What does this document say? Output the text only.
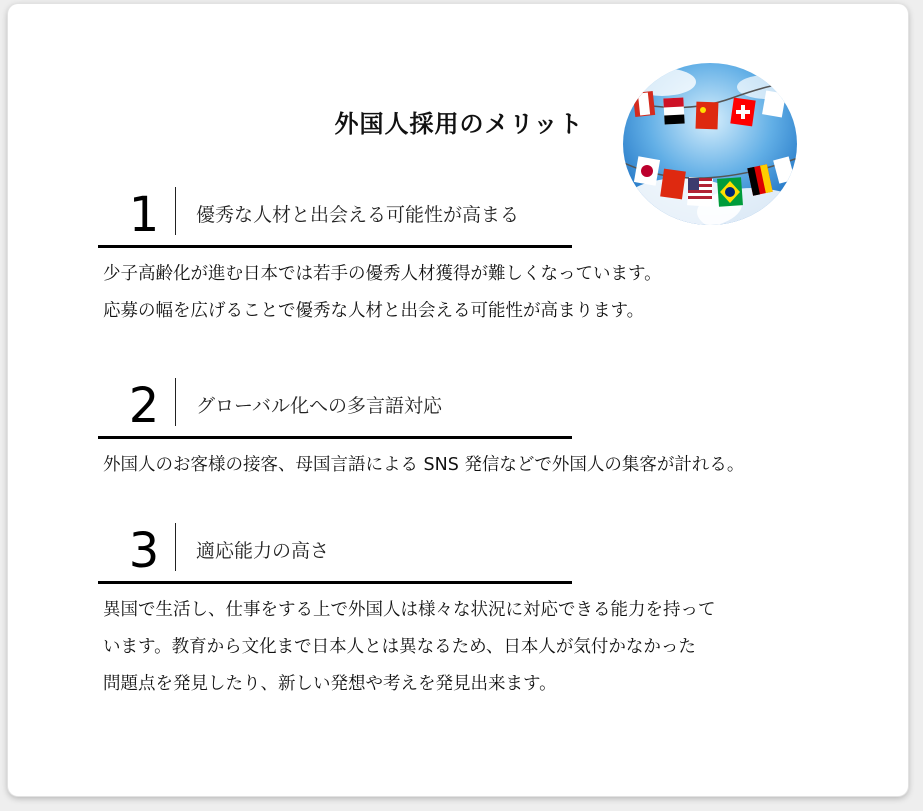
外国人採用のメリット
1 優秀な人材と出会える可能性が高まる
少子高齢化が進む日本では若手の優秀人材獲得が難しくなっています。
応募の幅を広げることで優秀な人材と出会える可能性が高まります。
2 グローバル化への多言語対応
外国人のお客様の接客、母国言語による SNS 発信などで外国人の集客が計れる。
3 適応能力の高さ
異国で生活し、仕事をする上で外国人は様々な状況に対応できる能力を持って
います。教育から文化まで日本人とは異なるため、日本人が気付かなかった
問題点を発見したり、新しい発想や考えを発見出来ます。
